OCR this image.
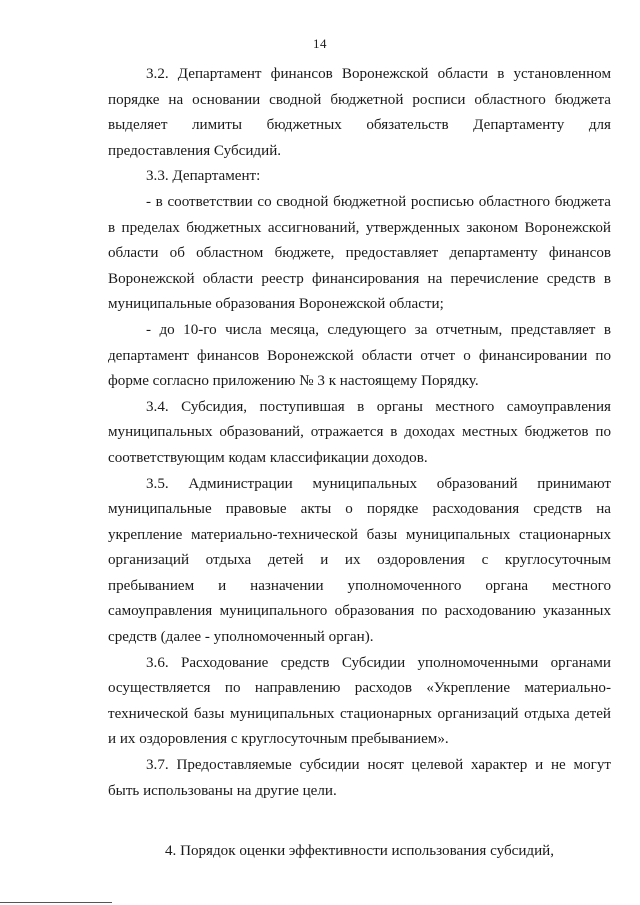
14

3.2. Департамент финансов Воронежской области в установленном порядке на основании сводной бюджетной росписи областного бюджета выделяет лимиты бюджетных обязательств Департаменту для предоставления Субсидий.

3.3. Департамент:

- в соответствии со сводной бюджетной росписью областного бюджета в пределах бюджетных ассигнований, утвержденных законом Воронежской области об областном бюджете, предоставляет департаменту финансов Воронежской области реестр финансирования на перечисление средств в муниципальные образования Воронежской области;

- до 10-го числа месяца, следующего за отчетным, представляет в департамент финансов Воронежской области отчет о финансировании по форме согласно приложению № 3 к настоящему Порядку.

3.4. Субсидия, поступившая в органы местного самоуправления муниципальных образований, отражается в доходах местных бюджетов по соответствующим кодам классификации доходов.

3.5. Администрации муниципальных образований принимают муниципальные правовые акты о порядке расходования средств на укрепление материально-технической базы муниципальных стационарных организаций отдыха детей и их оздоровления с круглосуточным пребыванием и назначении уполномоченного органа местного самоуправления муниципального образования по расходованию указанных средств (далее - уполномоченный орган).

3.6. Расходование средств Субсидии уполномоченными органами осуществляется по направлению расходов «Укрепление материально-технической базы муниципальных стационарных организаций отдыха детей и их оздоровления с круглосуточным пребыванием».

3.7. Предоставляемые субсидии носят целевой характер и не могут быть использованы на другие цели.

4. Порядок оценки эффективности использования субсидий,
